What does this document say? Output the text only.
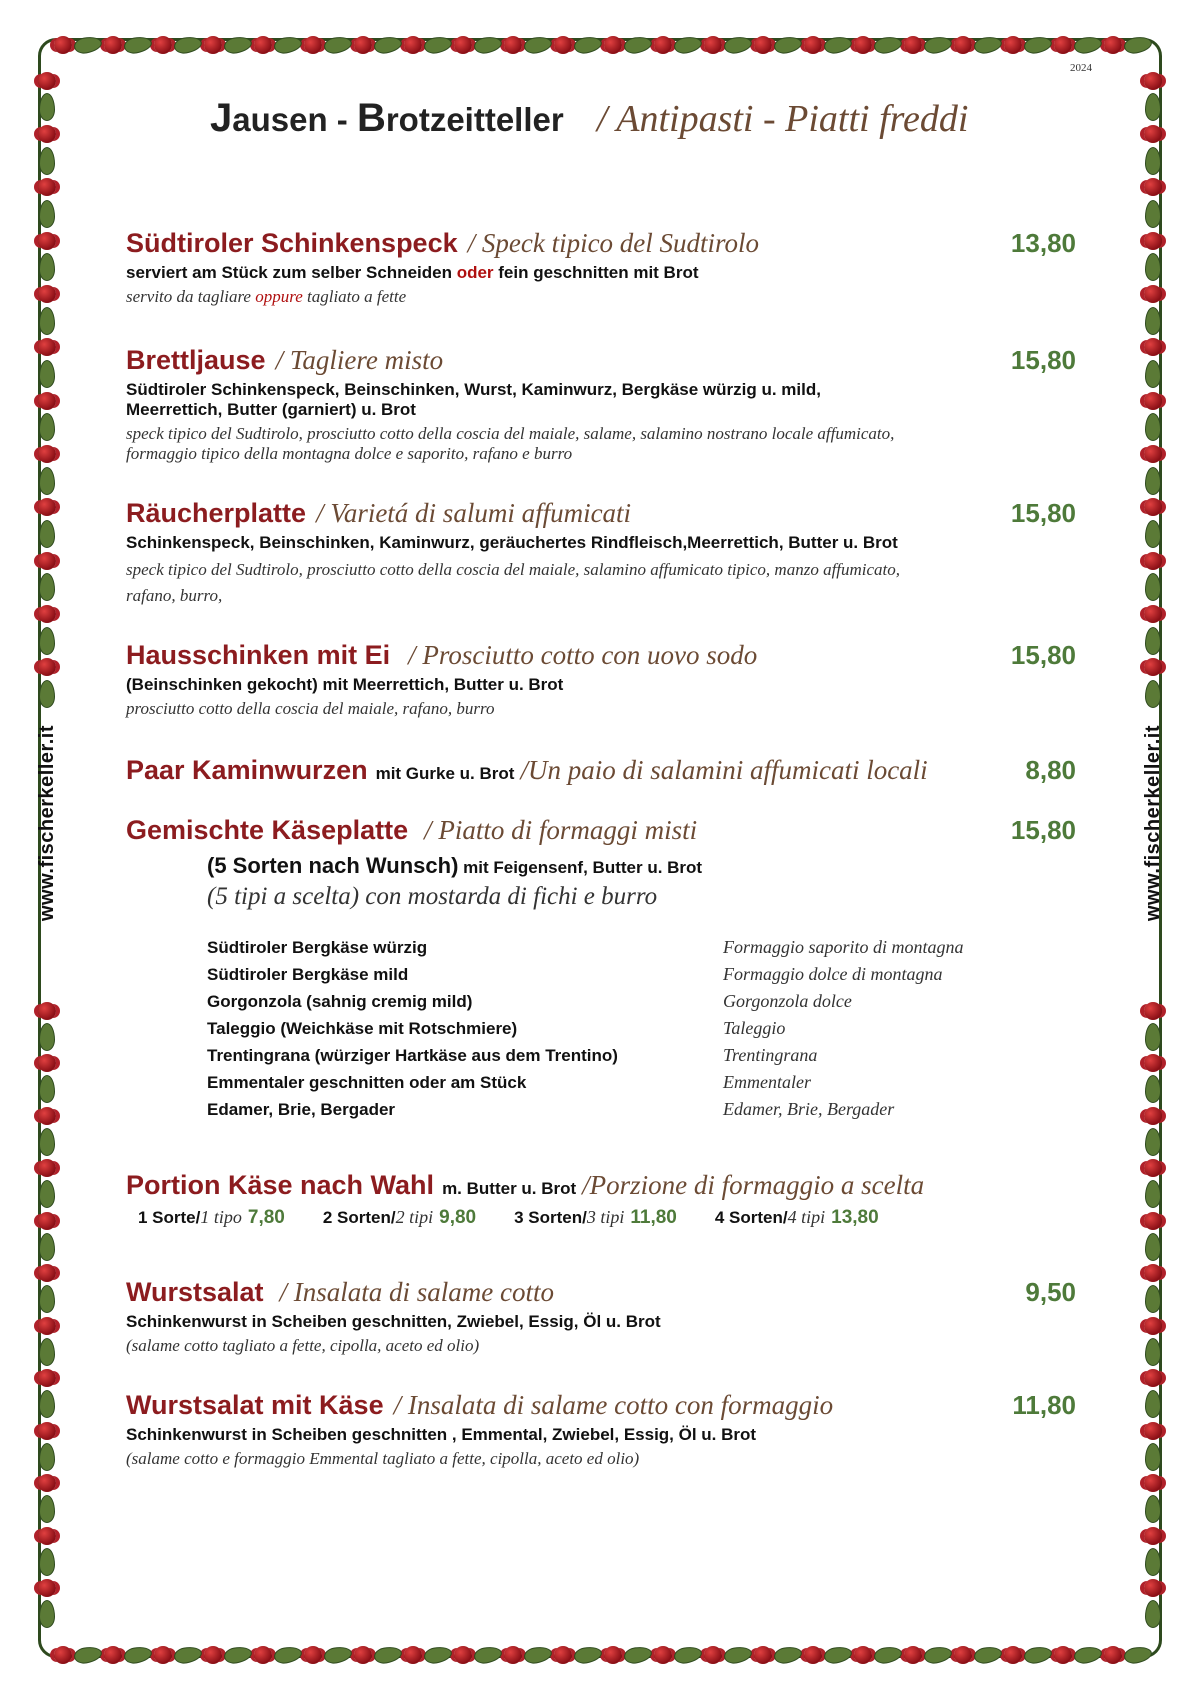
2024
www.fischerkeller.it	www.fischerkeller.it
Jausen - Brotzeitteller / Antipasti - Piatti freddi
Südtiroler Schinkenspeck / Speck tipico del Sudtirolo	13,80
serviert am Stück zum selber Schneiden oder fein geschnitten mit Brot
servito da tagliare oppure tagliato a fette
Brettljause / Tagliere misto	15,80
Südtiroler Schinkenspeck, Beinschinken, Wurst, Kaminwurz, Bergkäse würzig u. mild,
Meerrettich, Butter (garniert) u. Brot
speck tipico del Sudtirolo, prosciutto cotto della coscia del maiale, salame, salamino nostrano locale affumicato,
formaggio tipico della montagna dolce e saporito, rafano e burro
Räucherplatte / Varietá di salumi affumicati	15,80
Schinkenspeck, Beinschinken, Kaminwurz, geräuchertes Rindfleisch,Meerrettich, Butter u. Brot
speck tipico del Sudtirolo, prosciutto cotto della coscia del maiale, salamino affumicato tipico, manzo affumicato,
rafano, burro,
Hausschinken mit Ei / Prosciutto cotto con uovo sodo	15,80
(Beinschinken gekocht) mit Meerrettich, Butter u. Brot
prosciutto cotto della coscia del maiale, rafano, burro
Paar Kaminwurzen mit Gurke u. Brot /Un paio di salamini affumicati locali	8,80
Gemischte Käseplatte / Piatto di formaggi misti	15,80
(5 Sorten nach Wunsch) mit Feigensenf, Butter u. Brot
(5 tipi a scelta) con mostarda di fichi e burro
Südtiroler Bergkäse würzig	Formaggio saporito di montagna
Südtiroler Bergkäse mild	Formaggio dolce di montagna
Gorgonzola (sahnig cremig mild)	Gorgonzola dolce
Taleggio (Weichkäse mit Rotschmiere)	Taleggio
Trentingrana (würziger Hartkäse aus dem Trentino)	Trentingrana
Emmentaler geschnitten oder am Stück	Emmentaler
Edamer, Brie, Bergader	Edamer, Brie, Bergader
Portion Käse nach Wahl m. Butter u. Brot /Porzione di formaggio a scelta
1 Sorte/1 tipo 7,80 2 Sorten/2 tipi 9,80 3 Sorten/3 tipi 11,80 4 Sorten/4 tipi 13,80
Wurstsalat / Insalata di salame cotto	9,50
Schinkenwurst in Scheiben geschnitten, Zwiebel, Essig, Öl u. Brot
(salame cotto tagliato a fette, cipolla, aceto ed olio)
Wurstsalat mit Käse / Insalata di salame cotto con formaggio	11,80
Schinkenwurst in Scheiben geschnitten , Emmental, Zwiebel, Essig, Öl u. Brot
(salame cotto e formaggio Emmental tagliato a fette, cipolla, aceto ed olio)
